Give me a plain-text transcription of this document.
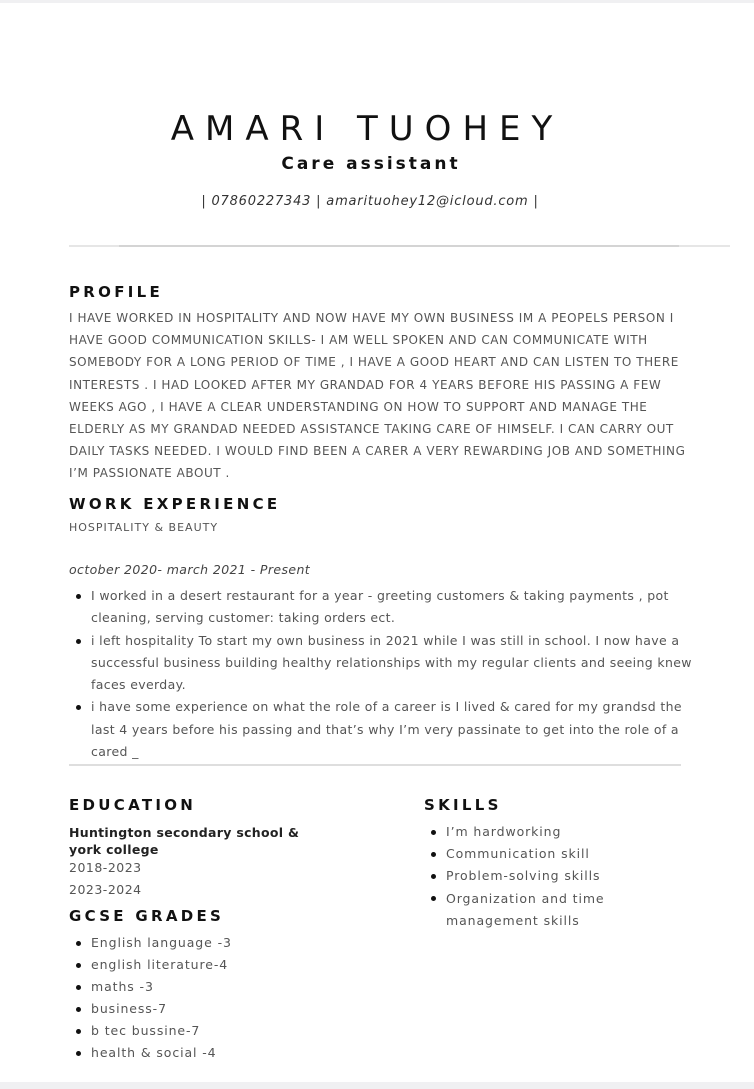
AMARI TUOHEY
Care assistant
| 07860227343 | amarituohey12@icloud.com |
PROFILE
I HAVE WORKED IN HOSPITALITY AND NOW HAVE MY OWN BUSINESS IM A PEOPELS PERSON I HAVE GOOD COMMUNICATION SKILLS- I AM WELL SPOKEN AND CAN COMMUNICATE WITH SOMEBODY FOR A LONG PERIOD OF TIME , I HAVE A GOOD HEART AND CAN LISTEN TO THERE INTERESTS . I HAD LOOKED AFTER MY GRANDAD FOR 4 YEARS BEFORE HIS PASSING A FEW WEEKS AGO , I HAVE A CLEAR UNDERSTANDING ON HOW TO SUPPORT AND MANAGE THE ELDERLY AS MY GRANDAD NEEDED ASSISTANCE TAKING CARE OF HIMSELF. I CAN CARRY OUT DAILY TASKS NEEDED. I WOULD FIND BEEN A CARER A VERY REWARDING JOB AND SOMETHING I’M PASSIONATE ABOUT .
WORK EXPERIENCE
HOSPITALITY & BEAUTY
october 2020- march 2021 - Present
I worked in a desert restaurant for a year - greeting customers & taking payments , pot cleaning, serving customer: taking orders ect.
i left hospitality To start my own business in 2021 while I was still in school. I now have a successful business building healthy relationships with my regular clients and seeing knew faces everday.
i have some experience on what the role of a career is I lived & cared for my grandsd the last 4 years before his passing and that’s why I’m very passinate to get into the role of a cared _
EDUCATION
Huntington secondary school & york college
2018-2023
2023-2024
GCSE GRADES
English language -3
english literature-4
maths -3
business-7
b tec bussine-7
health & social -4
SKILLS
I’m hardworking
Communication skill
Problem-solving skills
Organization and time management skills
